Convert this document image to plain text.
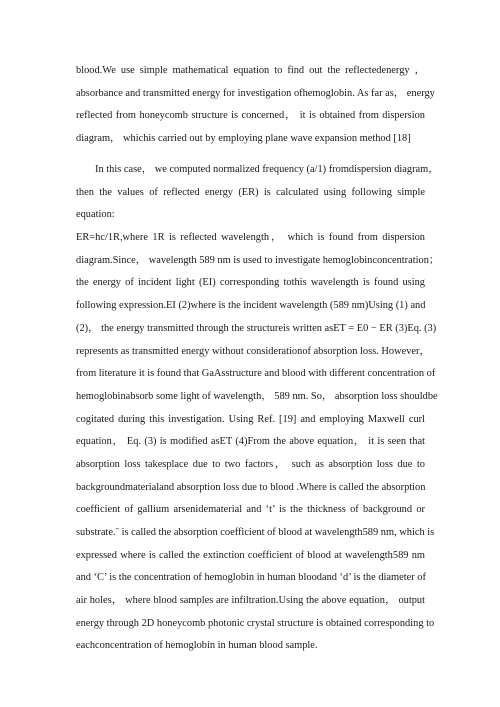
blood.We use simple mathematical equation to find out the reflectedenergy ，
absorbance and transmitted energy for investigation ofhemoglobin. As far as， energy
reflected from honeycomb structure is concerned， it is obtained from dispersion
diagram， whichis carried out by employing plane wave expansion method [18]
In this case， we computed normalized frequency (a/1) fromdispersion diagram，
then the values of reflected energy (ER) is calculated using following simple
equation:
ER=hc/1R,where 1R is reflected wavelength， which is found from dispersion
diagram.Since， wavelength 589 nm is used to investigate hemoglobinconcentration；
the energy of incident light (EI) corresponding tothis wavelength is found using
following expression.EI (2)where is the incident wavelength (589 nm)Using (1) and
(2)， the energy transmitted through the structureis written asET = E0 − ER (3)Eq. (3)
represents as transmitted energy without considerationof absorption loss. However，
from literature it is found that GaAsstructure and blood with different concentration of
hemoglobinabsorb some light of wavelength， 589 nm. So， absorption loss shouldbe
cogitated during this investigation. Using Ref. [19] and employing Maxwell curl
equation， Eq. (3) is modified asET (4)From the above equation， it is seen that
absorption loss takesplace due to two factors， such as absorption loss due to
backgroundmaterialand absorption loss due to blood .Where is called the absorption
coefficient of gallium arsenidematerial and ‘t’ is the thickness of background or
substrate.ˉ is called the absorption coefficient of blood at wavelength589 nm, which is
expressed where is called the extinction coefficient of blood at wavelength589 nm
and ‘C’ is the concentration of hemoglobin in human bloodand ‘d’ is the diameter of
air holes， where blood samples are infiltration.Using the above equation， output
energy through 2D honeycomb photonic crystal structure is obtained corresponding to
eachconcentration of hemoglobin in human blood sample.
